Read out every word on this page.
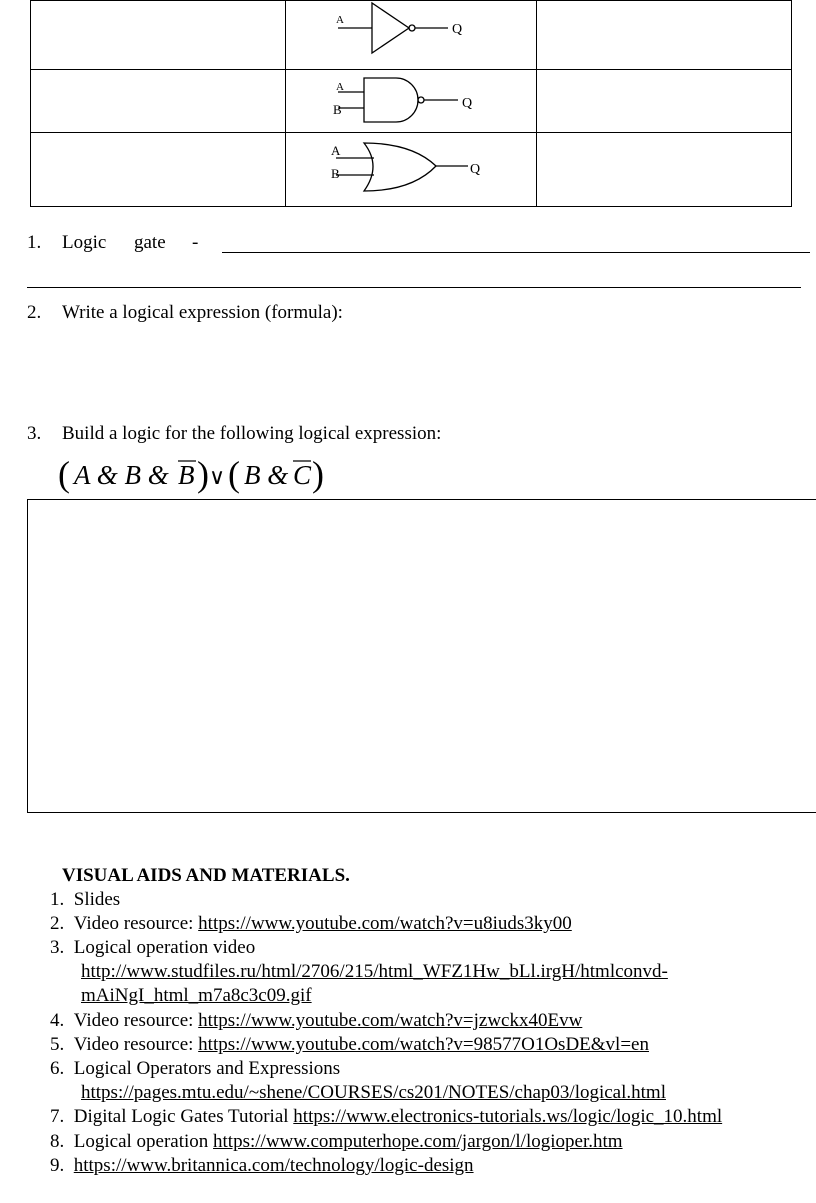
A
Q	

A
B Q	

A
B Q	

1. Logic gate -
2. Write a logical expression (formula):
3. Build a logic for the following logical expression:
( A & B & B ) ∨ ( B & C )
VISUAL AIDS AND MATERIALS.
1. Slides
2. Video resource: https://www.youtube.com/watch?v=u8iuds3ky00
3. Logical operation video
http://www.studfiles.ru/html/2706/215/html_WFZ1Hw_bLl.irgH/htmlconvd-
mAiNgI_html_m7a8c3c09.gif
4. Video resource: https://www.youtube.com/watch?v=jzwckx40Evw
5. Video resource: https://www.youtube.com/watch?v=98577O1OsDE&vl=en
6. Logical Operators and Expressions
https://pages.mtu.edu/~shene/COURSES/cs201/NOTES/chap03/logical.html
7. Digital Logic Gates Tutorial https://www.electronics-tutorials.ws/logic/logic_10.html
8. Logical operation https://www.computerhope.com/jargon/l/logioper.htm
9. https://www.britannica.com/technology/logic-design
